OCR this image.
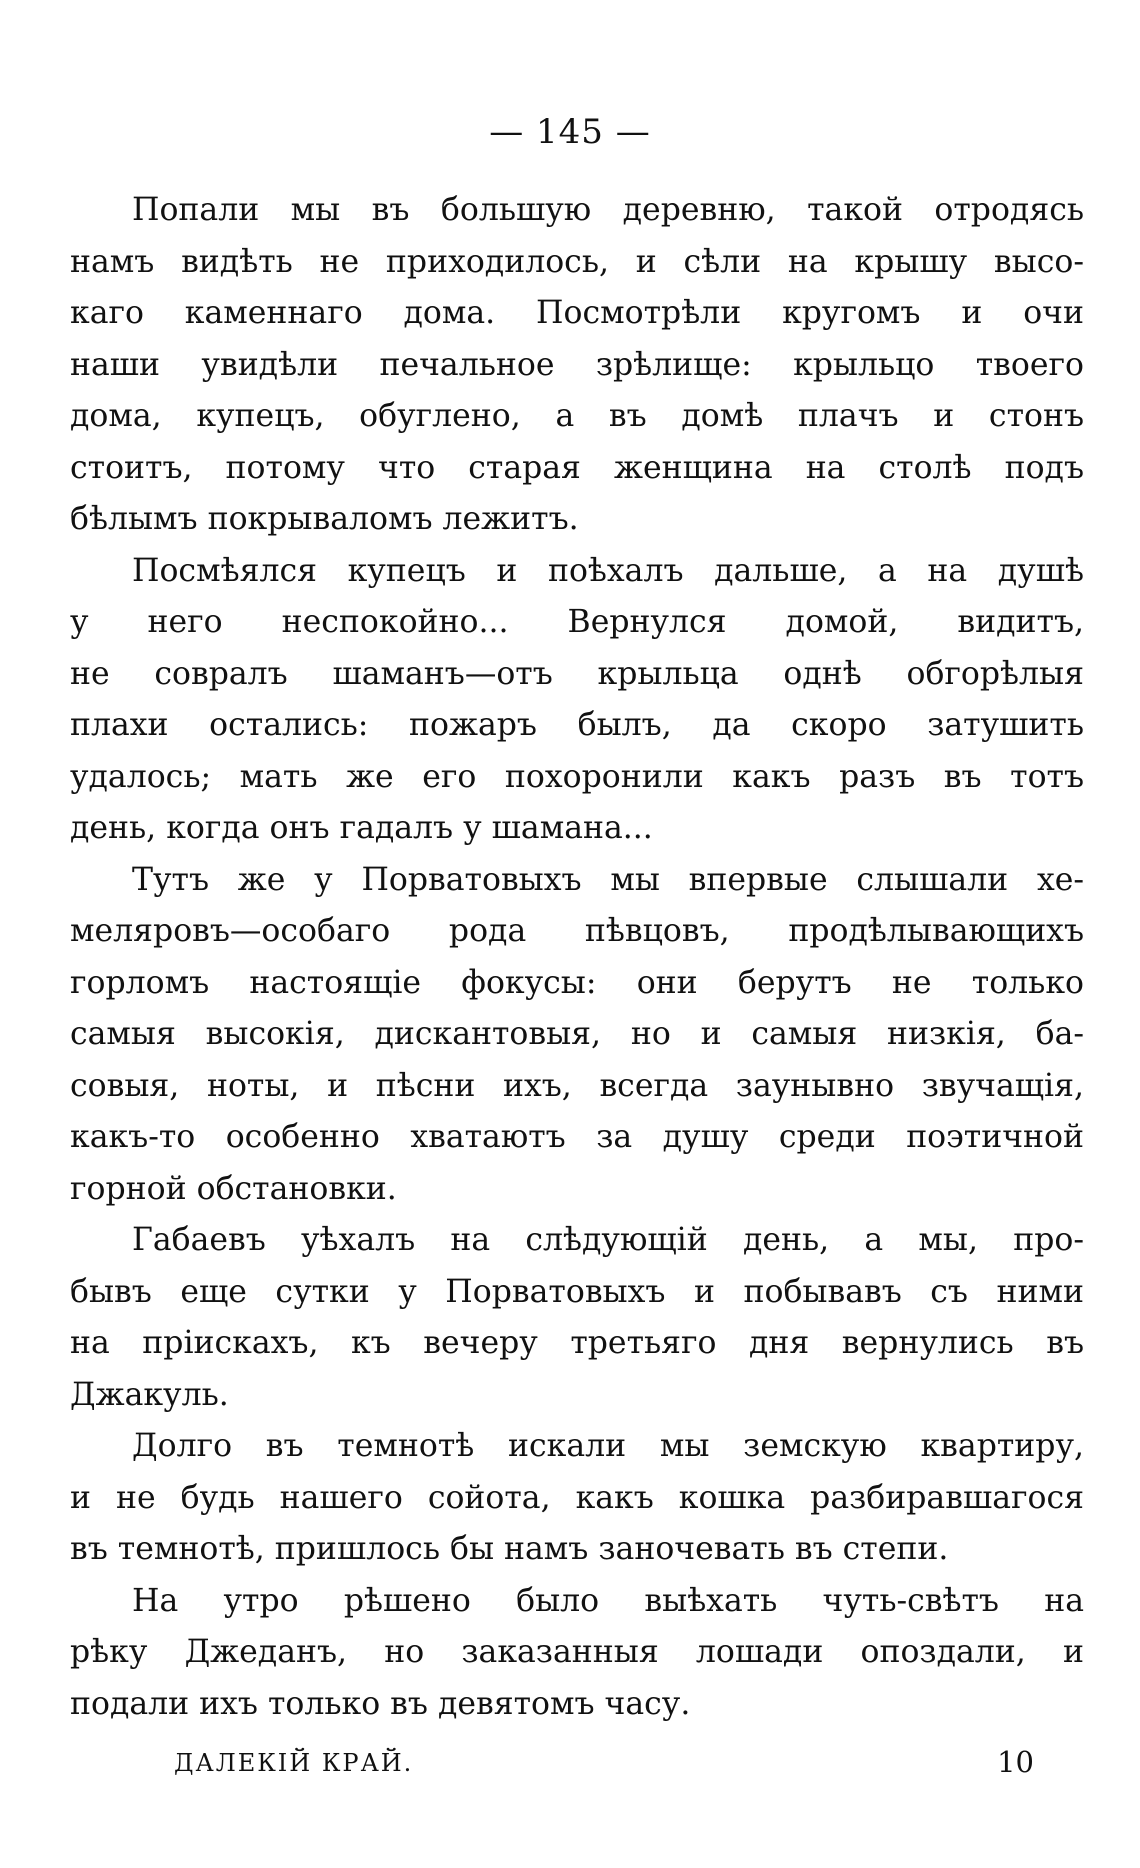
— 145 —
Попали мы въ большую деревню, такой отродясь
намъ видѣть не приходилось, и сѣли на крышу высо-
каго каменнаго дома. Посмотрѣли кругомъ и очи
наши увидѣли печальное зрѣлище: крыльцо твоего
дома, купецъ, обуглено, а въ домѣ плачъ и стонъ
стоитъ, потому что старая женщина на столѣ подъ
бѣлымъ покрываломъ лежитъ.
Посмѣялся купецъ и поѣхалъ дальше, а на душѣ
у него неспокойно... Вернулся домой, видитъ,
не совралъ шаманъ—отъ крыльца однѣ обгорѣлыя
плахи остались: пожаръ былъ, да скоро затушить
удалось; мать же его похоронили какъ разъ въ тотъ
день, когда онъ гадалъ у шамана...
Тутъ же у Порватовыхъ мы впервые слышали хе-
меляровъ—особаго рода пѣвцовъ, продѣлывающихъ
горломъ настоящіе фокусы: они берутъ не только
самыя высокія, дискантовыя, но и самыя низкія, ба-
совыя, ноты, и пѣсни ихъ, всегда заунывно звучащія,
какъ-то особенно хватаютъ за душу среди поэтичной
горной обстановки.
Габаевъ уѣхалъ на слѣдующій день, а мы, про-
бывъ еще сутки у Порватовыхъ и побывавъ съ ними
на пріискахъ, къ вечеру третьяго дня вернулись въ
Джакуль.
Долго въ темнотѣ искали мы земскую квартиру,
и не будь нашего сойота, какъ кошка разбиравшагося
въ темнотѣ, пришлось бы намъ заночевать въ степи.
На утро рѣшено было выѣхать чуть-свѣтъ на
рѣку Джеданъ, но заказанныя лошади опоздали, и
подали ихъ только въ девятомъ часу.
ДАЛЕКІЙ КРАЙ.	10
